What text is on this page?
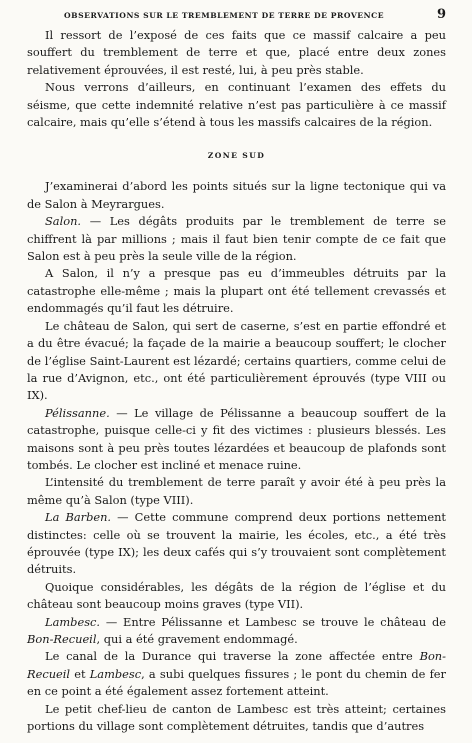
OBSERVATIONS SUR LE TREMBLEMENT DE TERRE DE PROVENCE	9

Il ressort de l’exposé de ces faits que ce massif calcaire a peu souffert du tremblement de terre et que, placé entre deux zones relativement éprouvées, il est resté, lui, à peu près stable.

Nous verrons d’ailleurs, en continuant l’examen des effets du séisme, que cette indemnité relative n’est pas particulière à ce massif calcaire, mais qu’elle s’étend à tous les massifs calcaires de la région.

ZONE SUD

J’examinerai d’abord les points situés sur la ligne tectonique qui va de Salon à Meyrargues.

Salon. — Les dégâts produits par le tremblement de terre se chiffrent là par millions ; mais il faut bien tenir compte de ce fait que Salon est à peu près la seule ville de la région.

A Salon, il n’y a presque pas eu d’immeubles détruits par la catastrophe elle-même ; mais la plupart ont été tellement crevassés et endommagés qu’il faut les détruire.

Le château de Salon, qui sert de caserne, s’est en partie effondré et a du être évacué; la façade de la mairie a beaucoup souffert; le clocher de l’église Saint-Laurent est lézardé; certains quartiers, comme celui de la rue d’Avignon, etc., ont été particulièrement éprouvés (type VIII ou IX).

Pélissanne. — Le village de Pélissanne a beaucoup souffert de la catastrophe, puisque celle-ci y fit des victimes : plusieurs blessés. Les maisons sont à peu près toutes lézardées et beaucoup de plafonds sont tombés. Le clocher est incliné et menace ruine.

L’intensité du tremblement de terre paraît y avoir été à peu près la même qu’à Salon (type VIII).

La Barben. — Cette commune comprend deux portions nettement distinctes: celle où se trouvent la mairie, les écoles, etc., a été très éprouvée (type IX); les deux cafés qui s’y trouvaient sont complètement détruits.

Quoique considérables, les dégâts de la région de l’église et du château sont beaucoup moins graves (type VII).

Lambesc. — Entre Pélissanne et Lambesc se trouve le château de Bon-Recueil, qui a été gravement endommagé.

Le canal de la Durance qui traverse la zone affectée entre Bon-Recueil et Lambesc, a subi quelques fissures ; le pont du chemin de fer en ce point a été également assez fortement atteint.

Le petit chef-lieu de canton de Lambesc est très atteint; certaines portions du village sont complètement détruites, tandis que d’autres
